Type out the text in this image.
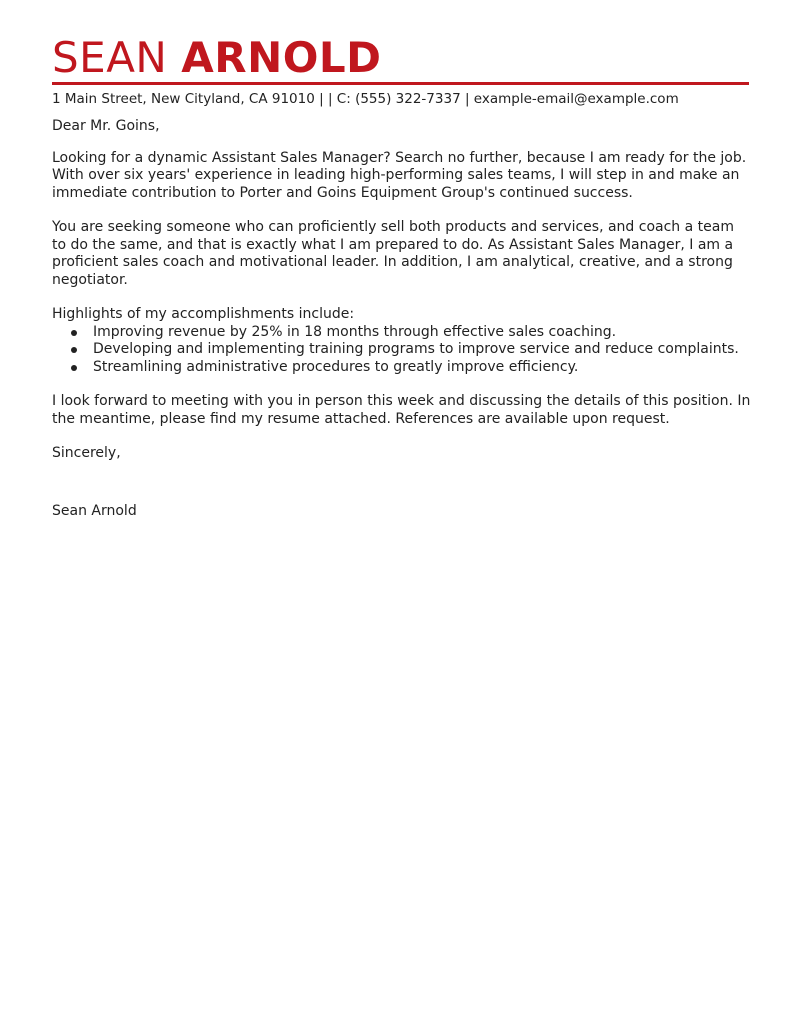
SEAN ARNOLD
1 Main Street, New Cityland, CA 91010 | | C: (555) 322-7337 | example-email@example.com

Dear Mr. Goins,

Looking for a dynamic Assistant Sales Manager? Search no further, because I am ready for the job. With over six years' experience in leading high-performing sales teams, I will step in and make an immediate contribution to Porter and Goins Equipment Group's continued success.

You are seeking someone who can proficiently sell both products and services, and coach a team to do the same, and that is exactly what I am prepared to do. As Assistant Sales Manager, I am a proficient sales coach and motivational leader. In addition, I am analytical, creative, and a strong negotiator.

Highlights of my accomplishments include:
Improving revenue by 25% in 18 months through effective sales coaching.
Developing and implementing training programs to improve service and reduce complaints.
Streamlining administrative procedures to greatly improve efficiency.

I look forward to meeting with you in person this week and discussing the details of this position. In the meantime, please find my resume attached. References are available upon request.

Sincerely,

Sean Arnold
